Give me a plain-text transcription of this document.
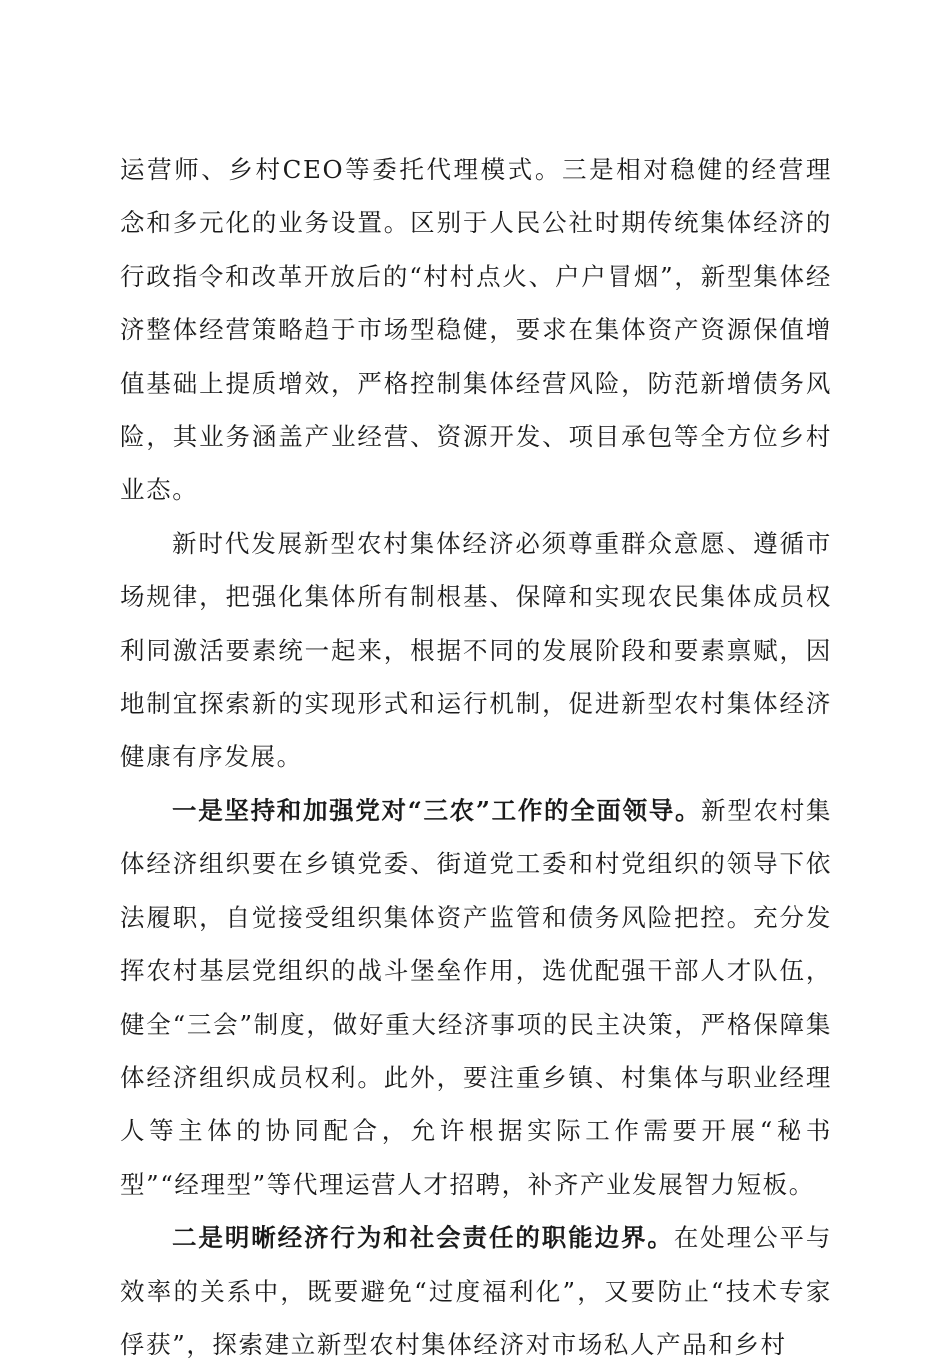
运营师、乡村CEO等委托代理模式。三是相对稳健的经营理念和多元化的业务设置。区别于人民公社时期传统集体经济的行政指令和改革开放后的“村村点火、户户冒烟”，新型集体经济整体经营策略趋于市场型稳健，要求在集体资产资源保值增值基础上提质增效，严格控制集体经营风险，防范新增债务风险，其业务涵盖产业经营、资源开发、项目承包等全方位乡村业态。

新时代发展新型农村集体经济必须尊重群众意愿、遵循市场规律，把强化集体所有制根基、保障和实现农民集体成员权利同激活要素统一起来，根据不同的发展阶段和要素禀赋，因地制宜探索新的实现形式和运行机制，促进新型农村集体经济健康有序发展。

一是坚持和加强党对“三农”工作的全面领导。新型农村集体经济组织要在乡镇党委、街道党工委和村党组织的领导下依法履职，自觉接受组织集体资产监管和债务风险把控。充分发挥农村基层党组织的战斗堡垒作用，选优配强干部人才队伍，健全“三会”制度，做好重大经济事项的民主决策，严格保障集体经济组织成员权利。此外，要注重乡镇、村集体与职业经理人等主体的协同配合，允许根据实际工作需要开展“秘书型”“经理型”等代理运营人才招聘，补齐产业发展智力短板。

二是明晰经济行为和社会责任的职能边界。在处理公平与效率的关系中，既要避免“过度福利化”，又要防止“技术专家俘获”，探索建立新型农村集体经济对市场私人产品和乡村
